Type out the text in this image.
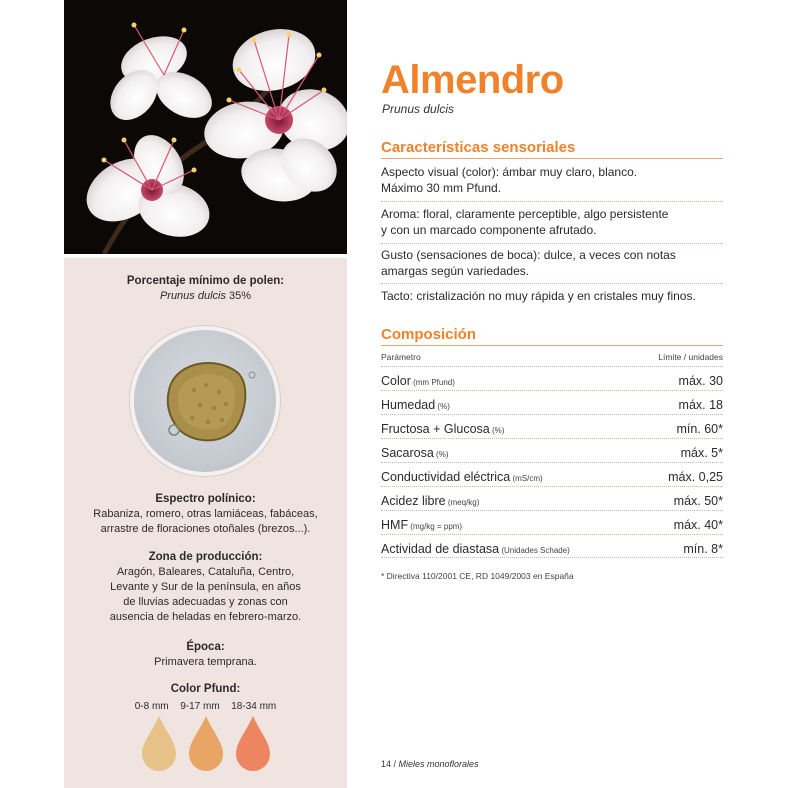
Porcentaje mínimo de polen:
Prunus dulcis 35%
Espectro polínico:
Rabaniza, romero, otras lamiáceas, fabáceas,
arrastre de floraciones otoñales (brezos...).
Zona de producción:
Aragón, Baleares, Cataluña, Centro,
Levante y Sur de la península, en años
de lluvias adecuadas y zonas con
ausencia de heladas en febrero-marzo.
Época:
Primavera temprana.
Color Pfund:
0-8 mm 9-17 mm 18-34 mm
Almendro
Prunus dulcis
Características sensoriales
Aspecto visual (color): ámbar muy claro, blanco.
Máximo 30 mm Pfund.
Aroma: floral, claramente perceptible, algo persistente
y con un marcado componente afrutado.
Gusto (sensaciones de boca): dulce, a veces con notas
amargas según variedades.
Tacto: cristalización no muy rápida y en cristales muy finos.
Composición
Parámetro	Límite / unidades
Color (mm Pfund)	máx. 30
Humedad (%)	máx. 18
Fructosa + Glucosa (%)	mín. 60*
Sacarosa (%)	máx. 5*
Conductividad eléctrica (mS/cm)	máx. 0,25
Acidez libre (meq/kg)	máx. 50*
HMF (mg/kg = ppm)	máx. 40*
Actividad de diastasa (Unidades Schade)	mín. 8*
* Directiva 110/2001 CE, RD 1049/2003 en España
14 / Mieles monoflorales
